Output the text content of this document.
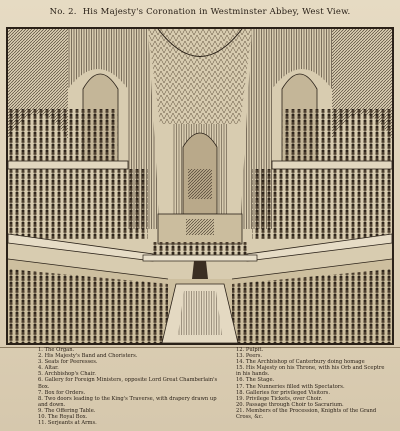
No. 2. His Majesty's Coronation in Westminster Abbey, West View.
1. The Organ.
2. His Majesty's Band and Choristers.
3. Seats for Peeresses.
4. Altar.
5. Archbishop's Chair.
6. Gallery for Foreign Ministers, opposite Lord Great Chamberlain's Box.
7. Box for Orders.
8. Two doors leading to the King's Traverse, with drapery drawn up and down.
9. The Offering Table.
10. The Royal Box.
11. Serjeants at Arms.
12. Pulpit.
13. Peers.
14. The Archbishop of Canterbury doing homage
15. His Majesty on his Throne, with his Orb and Sceptre in his hands.
16. The Stage.
17. The Nunneries filled with Spectators.
18. Galleries for privileged Visitors.
19. Privilege Tickets, over Choir.
20. Passage through Choir to Sacrarium.
21. Members of the Procession, Knights of the Grand Cross, &c.
